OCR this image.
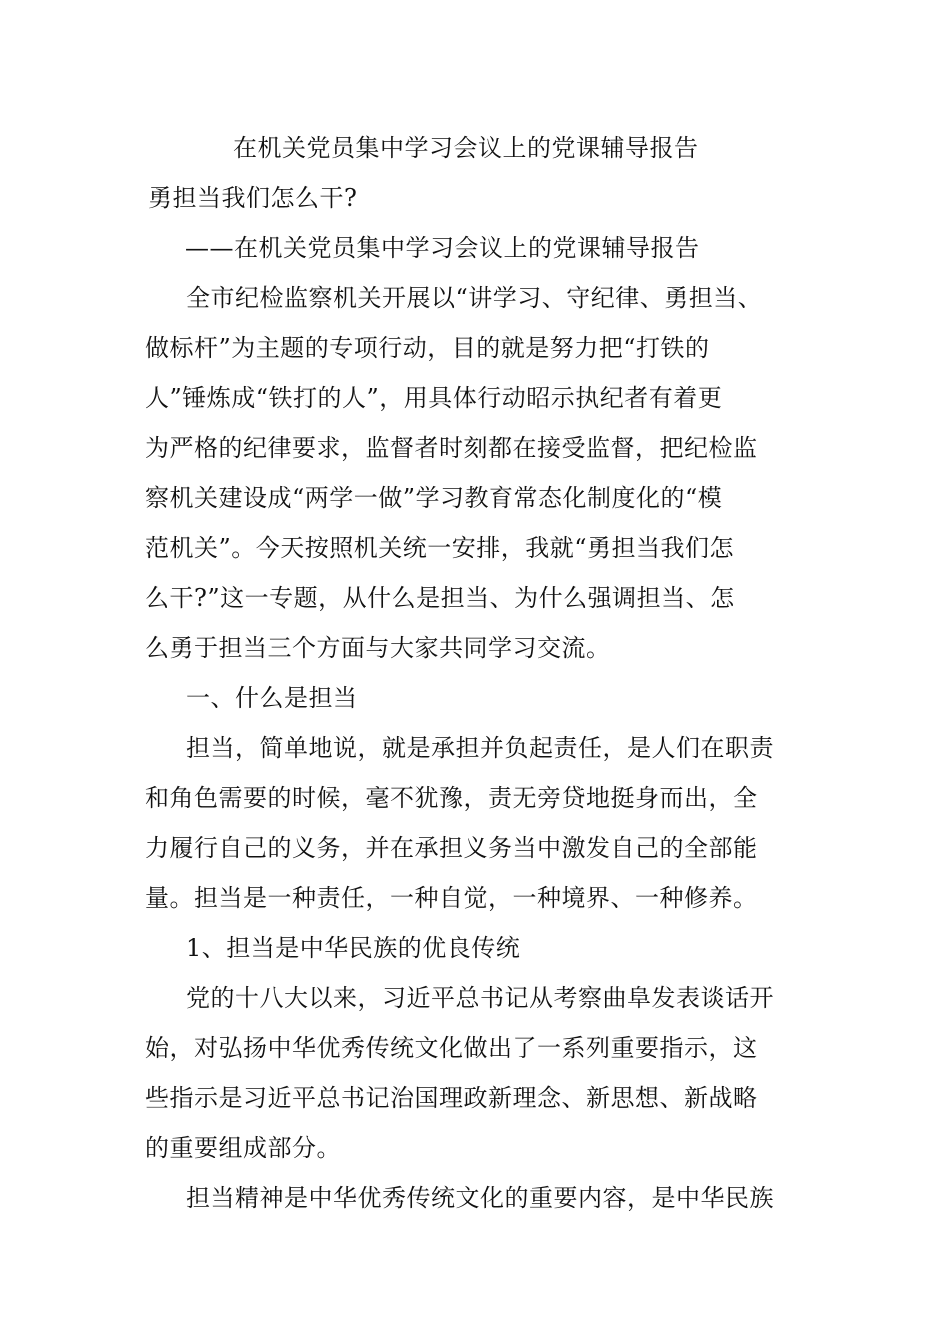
在机关党员集中学习会议上的党课辅导报告

勇担当我们怎么干?

——在机关党员集中学习会议上的党课辅导报告

全市纪检监察机关开展以“讲学习、守纪律、勇担当、

做标杆”为主题的专项行动，目的就是努力把“打铁的

人”锤炼成“铁打的人”，用具体行动昭示执纪者有着更

为严格的纪律要求，监督者时刻都在接受监督，把纪检监

察机关建设成“两学一做”学习教育常态化制度化的“模

范机关”。今天按照机关统一安排，我就“勇担当我们怎

么干?”这一专题，从什么是担当、为什么强调担当、怎

么勇于担当三个方面与大家共同学习交流。

一、什么是担当

担当，简单地说，就是承担并负起责任，是人们在职责

和角色需要的时候，毫不犹豫，责无旁贷地挺身而出，全

力履行自己的义务，并在承担义务当中激发自己的全部能

量。担当是一种责任，一种自觉，一种境界、一种修养。

1、担当是中华民族的优良传统

党的十八大以来，习近平总书记从考察曲阜发表谈话开

始，对弘扬中华优秀传统文化做出了一系列重要指示，这

些指示是习近平总书记治国理政新理念、新思想、新战略

的重要组成部分。

担当精神是中华优秀传统文化的重要内容，是中华民族
